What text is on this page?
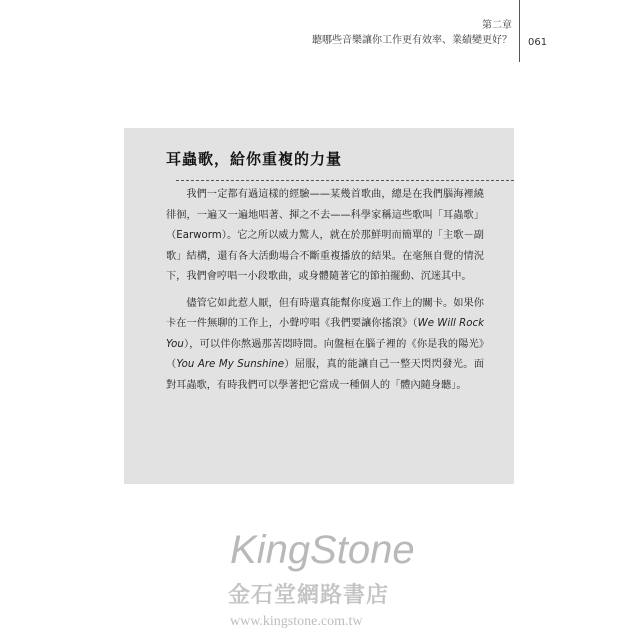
第二章
聽哪些音樂讓你工作更有效率、業績變更好？ 061
耳蟲歌，給你重複的力量

我們一定都有過這樣的經驗——某幾首歌曲，總是在我們腦海裡繞徘徊，一遍又一遍地唱著、揮之不去——科學家稱這些歌叫「耳蟲歌」（Earworm）。它之所以威力驚人，就在於那鮮明而簡單的「主歌－副歌」結構，還有各大活動場合不斷重複播放的結果。在毫無自覺的情況下，我們會哼唱一小段歌曲，或身體隨著它的節拍擺動、沉迷其中。

儘管它如此惹人厭，但有時還真能幫你度過工作上的關卡。如果你卡在一件無聊的工作上，小聲哼唱《我們要讓你搖滾》（We Will Rock You），可以伴你熬過那苦悶時間。向盤桓在腦子裡的《你是我的陽光》（You Are My Sunshine）屈服，真的能讓自己一整天閃閃發光。面對耳蟲歌，有時我們可以學著把它當成一種個人的「體內隨身聽」。

KingStone
金石堂網路書店
www.kingstone.com.tw
